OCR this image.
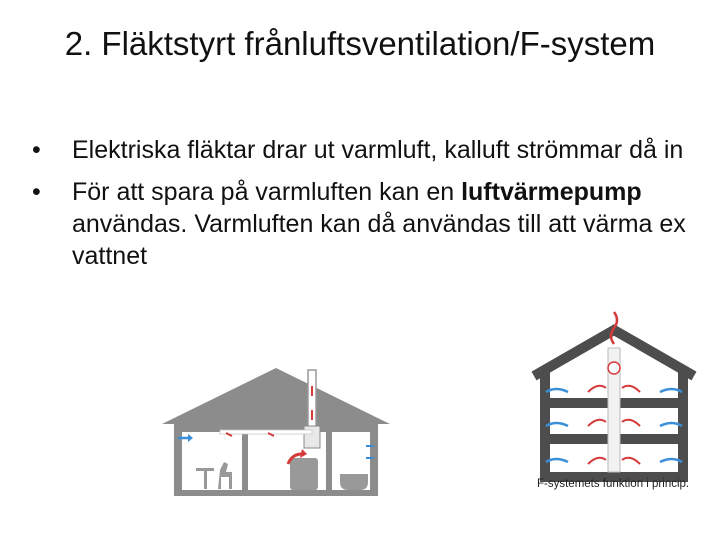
2. Fläktstyrt frånluftsventilation/F-system
• Elektriska fläktar drar ut varmluft, kalluft strömmar då in
• För att spara på varmluften kan en luftvärmepump användas. Varmluften kan då användas till att värma ex vattnet
F-systemets funktion i princip.
